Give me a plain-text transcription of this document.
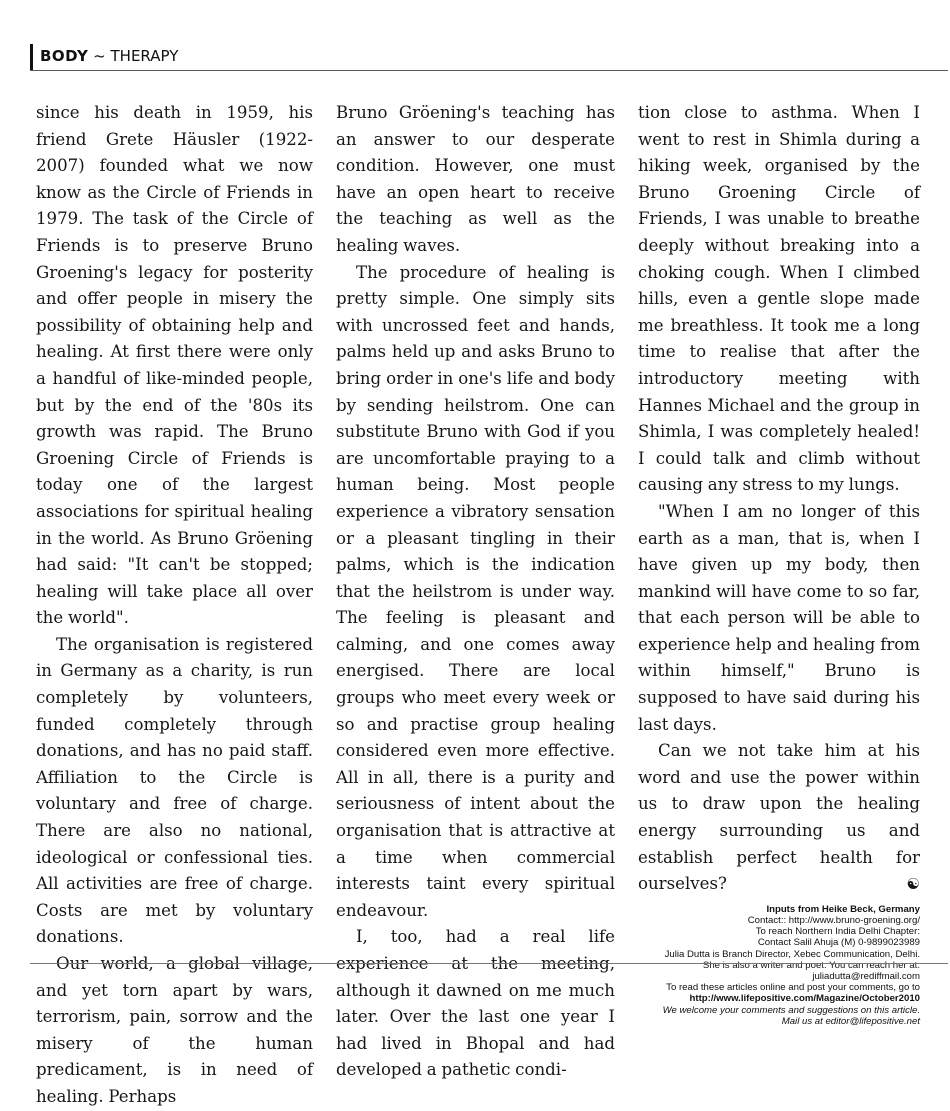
BODY ~ THERAPY

since his death in 1959, his friend Grete Häusler (1922- 2007) founded what we now know as the Circle of Friends in 1979. The task of the Circle of Friends is to preserve Bruno Groening's legacy for posterity and offer people in misery the possibility of obtaining help and healing. At first there were only a handful of like-minded people, but by the end of the '80s its growth was rapid. The Bruno Groening Circle of Friends is today one of the largest associations for spiritual healing in the world. As Bruno Gröening had said: "It can't be stopped; healing will take place all over the world".

The organisation is registered in Germany as a charity, is run completely by volunteers, funded completely through donations, and has no paid staff. Affiliation to the Circle is voluntary and free of charge. There are also no national, ideological or confessional ties. All activities are free of charge. Costs are met by voluntary donations.

Our world, a global village, and yet torn apart by wars, terrorism, pain, sorrow and the misery of the human predicament, is in need of healing. Perhaps

Bruno Gröening's teaching has an answer to our desperate condition. However, one must have an open heart to receive the teaching as well as the healing waves.

The procedure of healing is pretty simple. One simply sits with uncrossed feet and hands, palms held up and asks Bruno to bring order in one's life and body by sending heilstrom. One can substitute Bruno with God if you are uncomfortable praying to a human being. Most people experience a vibratory sensation or a pleasant tingling in their palms, which is the indication that the heilstrom is under way. The feeling is pleasant and calming, and one comes away energised. There are local groups who meet every week or so and practise group healing considered even more effective. All in all, there is a purity and seriousness of intent about the organisation that is attractive at a time when commercial interests taint every spiritual endeavour.

I, too, had a real life experience at the meeting, although it dawned on me much later. Over the last one year I had lived in Bhopal and had developed a pathetic condi-

tion close to asthma. When I went to rest in Shimla during a hiking week, organised by the Bruno Groening Circle of Friends, I was unable to breathe deeply without breaking into a choking cough. When I climbed hills, even a gentle slope made me breathless. It took me a long time to realise that after the introductory meeting with Hannes Michael and the group in Shimla, I was completely healed! I could talk and climb without causing any stress to my lungs.

"When I am no longer of this earth as a man, that is, when I have given up my body, then mankind will have come to so far, that each person will be able to experience help and healing from within himself," Bruno is supposed to have said during his last days.

Can we not take him at his word and use the power within us to draw upon the healing energy surrounding us and establish perfect health for ourselves?	☯

Inputs from Heike Beck, Germany
Contact:: http://www.bruno-groening.org/
To reach Northern India Delhi Chapter:
Contact Salil Ahuja (M) 0-9899023989
Julia Dutta is Branch Director, Xebec Communication, Delhi.
She is also a writer and poet. You can reach her at:
juliadutta@rediffmail.com
To read these articles online and post your comments, go to
http://www.lifepositive.com/Magazine/October2010
We welcome your comments and suggestions on this article.
Mail us at editor@lifepositive.net
